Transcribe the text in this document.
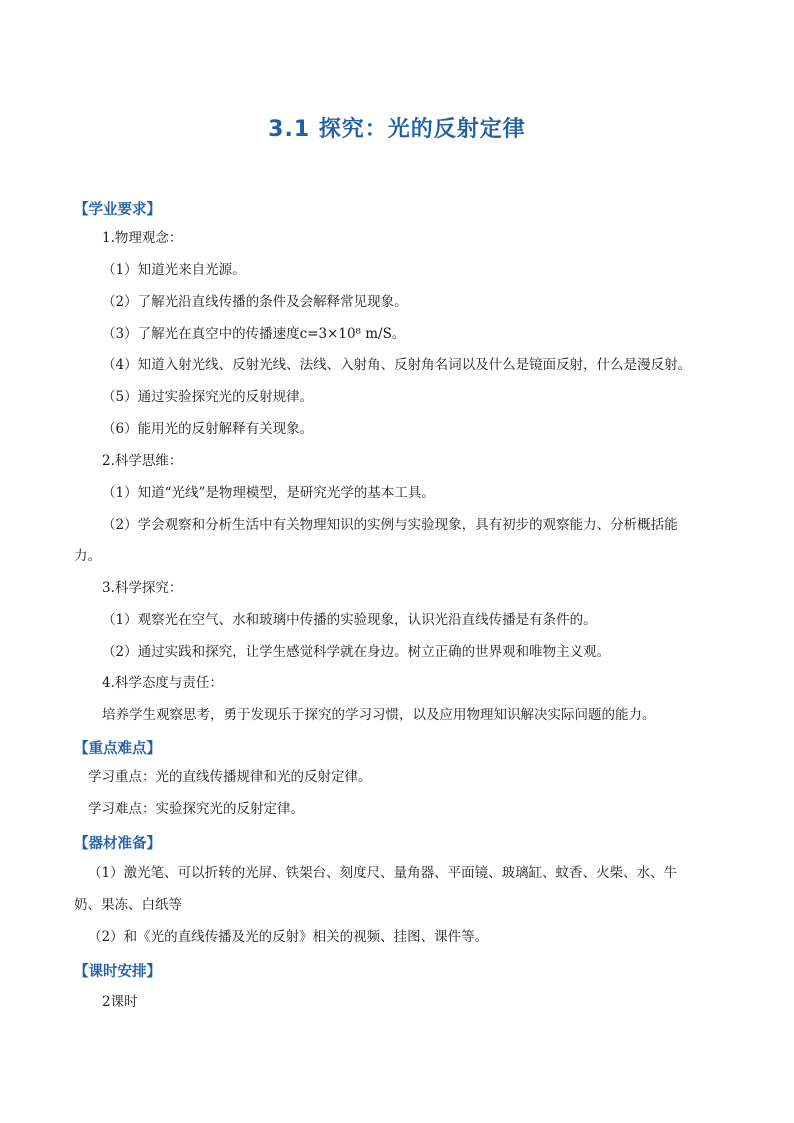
3.1 探究：光的反射定律
【学业要求】
1.物理观念：
（1）知道光来自光源。
（2）了解光沿直线传播的条件及会解释常见现象。
（3）了解光在真空中的传播速度c=3×10⁸ m/S。
（4）知道入射光线、反射光线、法线、入射角、反射角名词以及什么是镜面反射，什么是漫反射。
（5）通过实验探究光的反射规律。
（6）能用光的反射解释有关现象。
2.科学思维：
（1）知道“光线”是物理模型，是研究光学的基本工具。
（2）学会观察和分析生活中有关物理知识的实例与实验现象，具有初步的观察能力、分析概括能
力。
3.科学探究：
（1）观察光在空气、水和玻璃中传播的实验现象，认识光沿直线传播是有条件的。
（2）通过实践和探究，让学生感觉科学就在身边。树立正确的世界观和唯物主义观。
4.科学态度与责任：
培养学生观察思考，勇于发现乐于探究的学习习惯，以及应用物理知识解决实际问题的能力。
【重点难点】
学习重点：光的直线传播规律和光的反射定律。
学习难点：实验探究光的反射定律。
【器材准备】
（1）激光笔、可以折转的光屏、铁架台、刻度尺、量角器、平面镜、玻璃缸、蚊香、火柴、水、牛
奶、果冻、白纸等
（2）和《光的直线传播及光的反射》相关的视频、挂图、课件等。
【课时安排】
2课时
